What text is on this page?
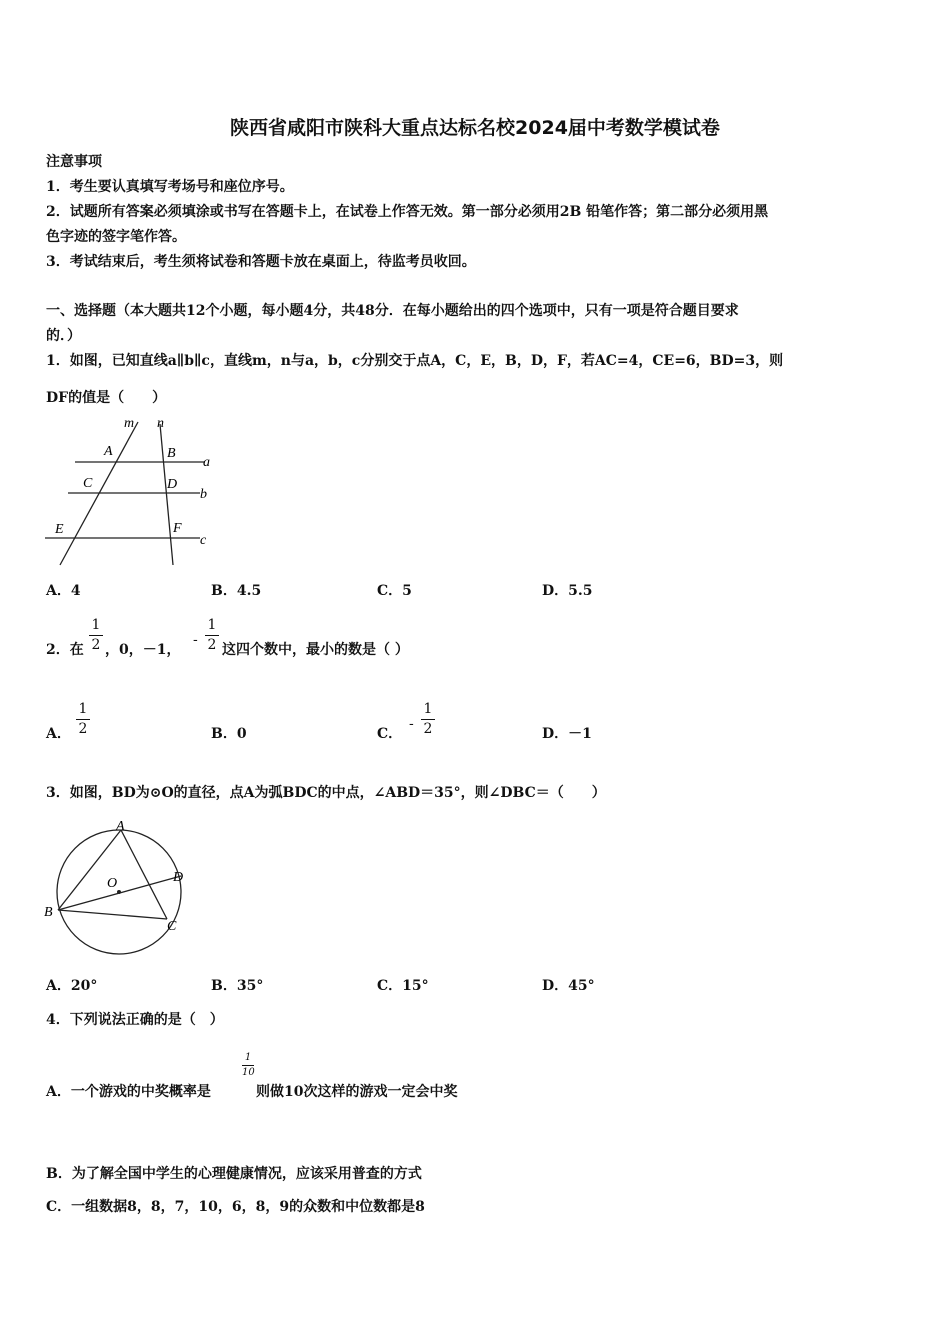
陕西省咸阳市陕科大重点达标名校2024届中考数学模试卷
注意事项
1．考生要认真填写考场号和座位序号。
2．试题所有答案必须填涂或书写在答题卡上，在试卷上作答无效。第一部分必须用2B 铅笔作答；第二部分必须用黑
色字迹的签字笔作答。
3．考试结束后，考生须将试卷和答题卡放在桌面上，待监考员收回。
一、选择题（本大题共12个小题，每小题4分，共48分．在每小题给出的四个选项中，只有一项是符合题目要求
的．）
1．如图，已知直线a∥b∥c，直线m，n与a，b，c分别交于点A，C，E，B，D，F，若AC=4，CE=6，BD=3，则
DF的值是（　　）
m n
a
b
c
A	B
C	D
E	F
A．4	B．4.5	C．5	D．5.5
2．在
1
2 ，0，－1，
-
1
2 这四个数中，最小的数是（ ）
A．
1
2	B．0	C．
-
1
2	D．－1
3．如图，BD为⊙O的直径，点A为弧BDC的中点，∠ABD＝35°，则∠DBC＝（　　）
A
B
C
D
O
A．20°	B．35°	C．15°	D．45°
4．下列说法正确的是（　）
1
10
A．一个游戏的中奖概率是	则做10次这样的游戏一定会中奖
B．为了解全国中学生的心理健康情况，应该采用普查的方式
C．一组数据8，8，7，10，6，8，9的众数和中位数都是8
